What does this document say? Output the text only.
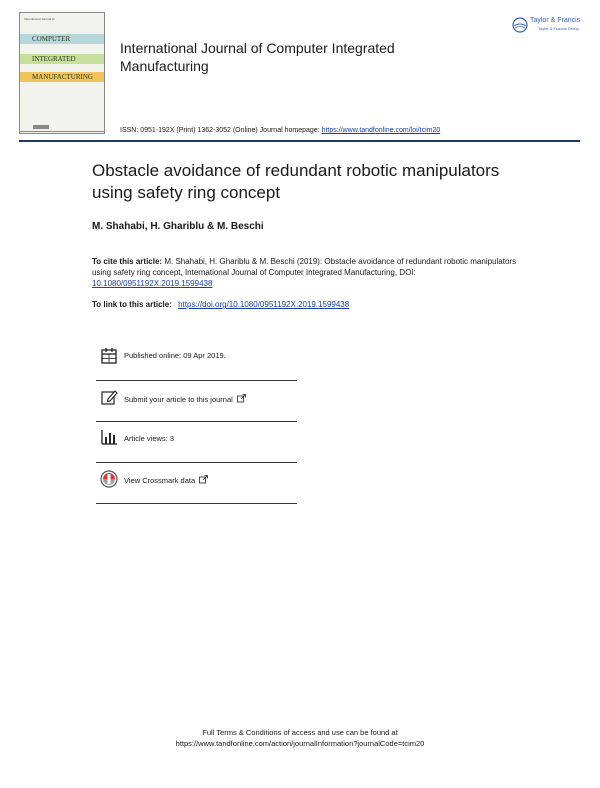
International Journal of
COMPUTER
INTEGRATED
MANUFACTURING
International Journal of Computer Integrated Manufacturing
Taylor & Francis
Taylor & Francis Group
ISSN: 0951-192X (Print) 1362-3052 (Online) Journal homepage: https://www.tandfonline.com/loi/tcim20
Obstacle avoidance of redundant robotic manipulators using safety ring concept
M. Shahabi, H. Ghariblu & M. Beschi
To cite this article: M. Shahabi, H. Ghariblu & M. Beschi (2019): Obstacle avoidance of redundant robotic manipulators using safety ring concept, International Journal of Computer Integrated Manufacturing, DOI: 10.1080/0951192X.2019.1599438
To link to this article: https://doi.org/10.1080/0951192X.2019.1599438
Published online: 09 Apr 2019.
Submit your article to this journal
Article views: 3
View Crossmark data
Full Terms & Conditions of access and use can be found at
https://www.tandfonline.com/action/journalInformation?journalCode=tcim20
